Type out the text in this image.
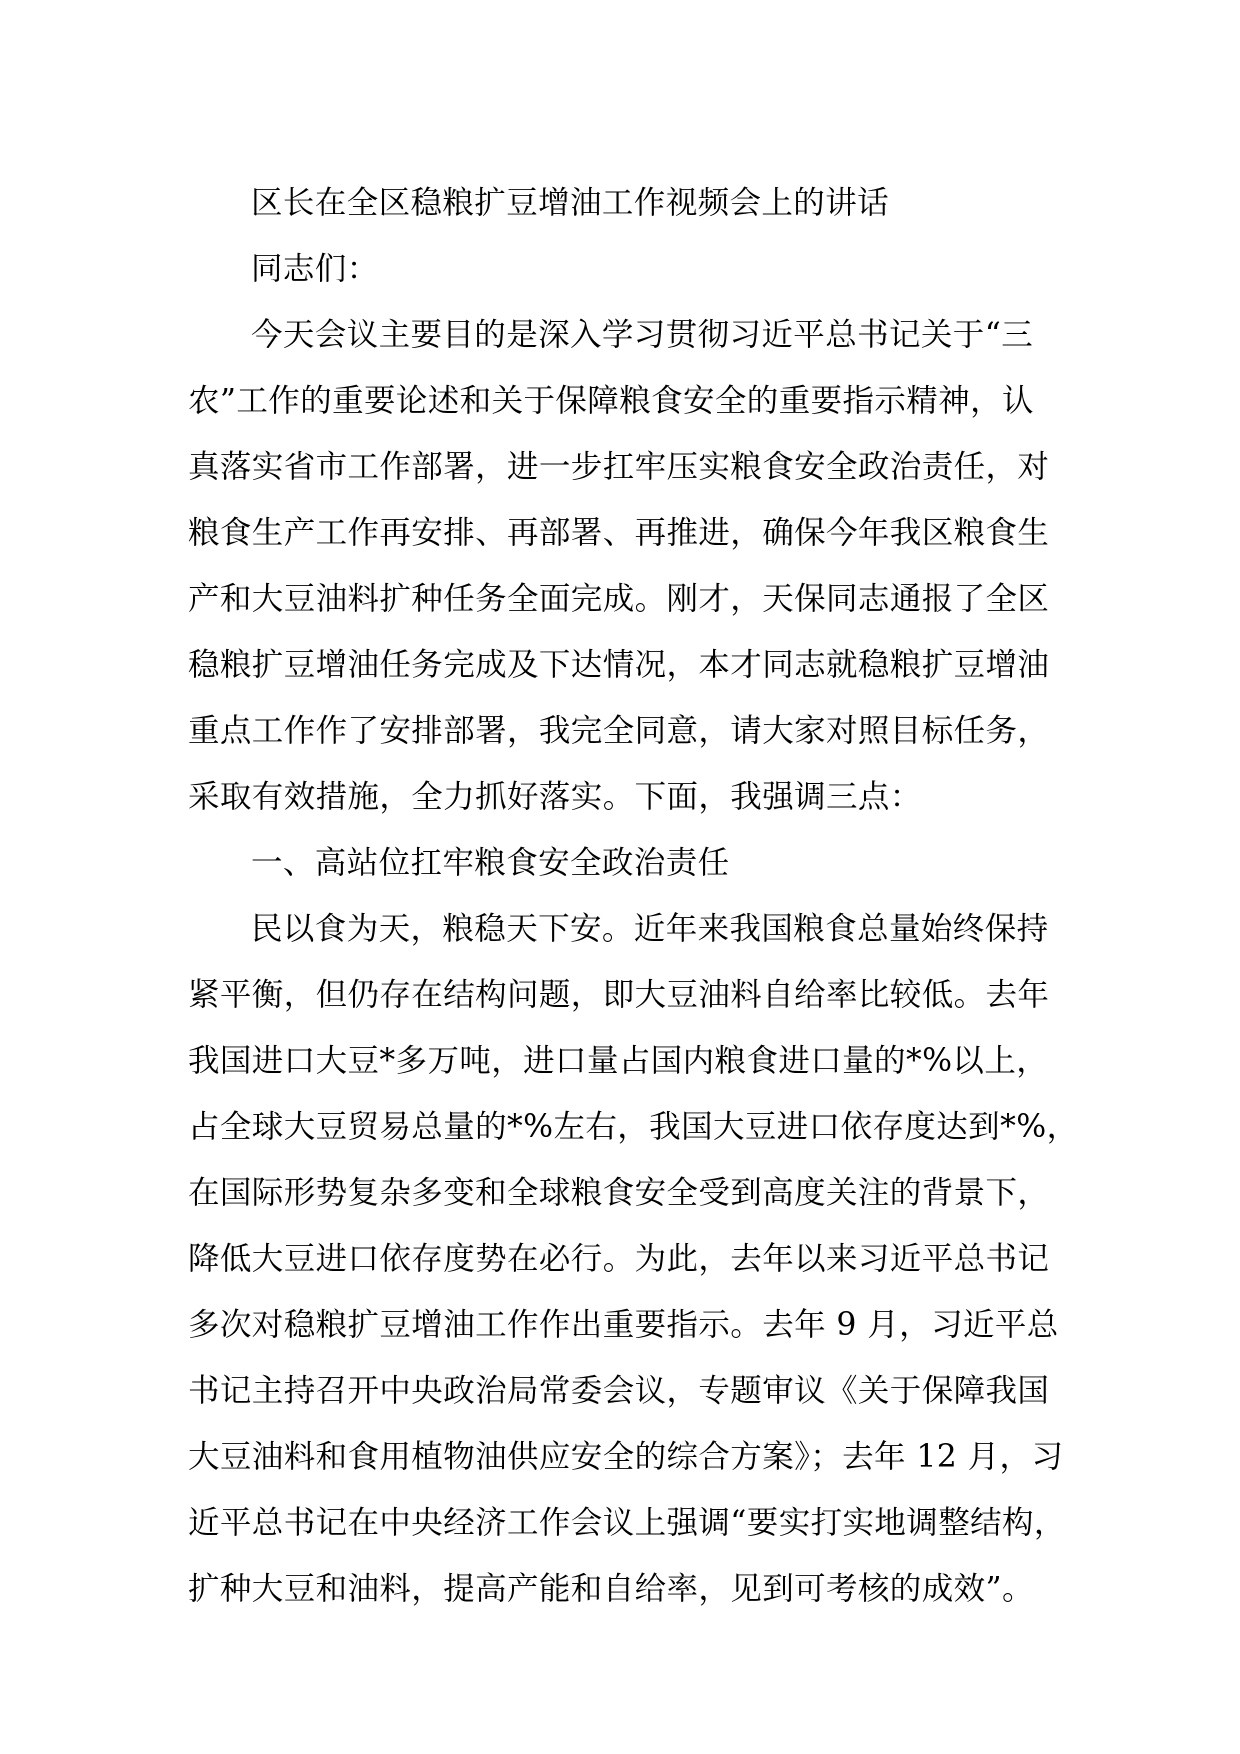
区长在全区稳粮扩豆增油工作视频会上的讲话
同志们：
今天会议主要目的是深入学习贯彻习近平总书记关于“三
农”工作的重要论述和关于保障粮食安全的重要指示精神，认
真落实省市工作部署，进一步扛牢压实粮食安全政治责任，对
粮食生产工作再安排、再部署、再推进，确保今年我区粮食生
产和大豆油料扩种任务全面完成。刚才，天保同志通报了全区
稳粮扩豆增油任务完成及下达情况，本才同志就稳粮扩豆增油
重点工作作了安排部署，我完全同意，请大家对照目标任务，
采取有效措施，全力抓好落实。下面，我强调三点：
一、高站位扛牢粮食安全政治责任
民以食为天，粮稳天下安。近年来我国粮食总量始终保持
紧平衡，但仍存在结构问题，即大豆油料自给率比较低。去年
我国进口大豆*多万吨，进口量占国内粮食进口量的*%以上，
占全球大豆贸易总量的*%左右，我国大豆进口依存度达到*%，
在国际形势复杂多变和全球粮食安全受到高度关注的背景下，
降低大豆进口依存度势在必行。为此，去年以来习近平总书记
多次对稳粮扩豆增油工作作出重要指示。去年 9 月，习近平总
书记主持召开中央政治局常委会议，专题审议《关于保障我国
大豆油料和食用植物油供应安全的综合方案》；去年 12 月，习
近平总书记在中央经济工作会议上强调“要实打实地调整结构，
扩种大豆和油料，提高产能和自给率，见到可考核的成效”。
